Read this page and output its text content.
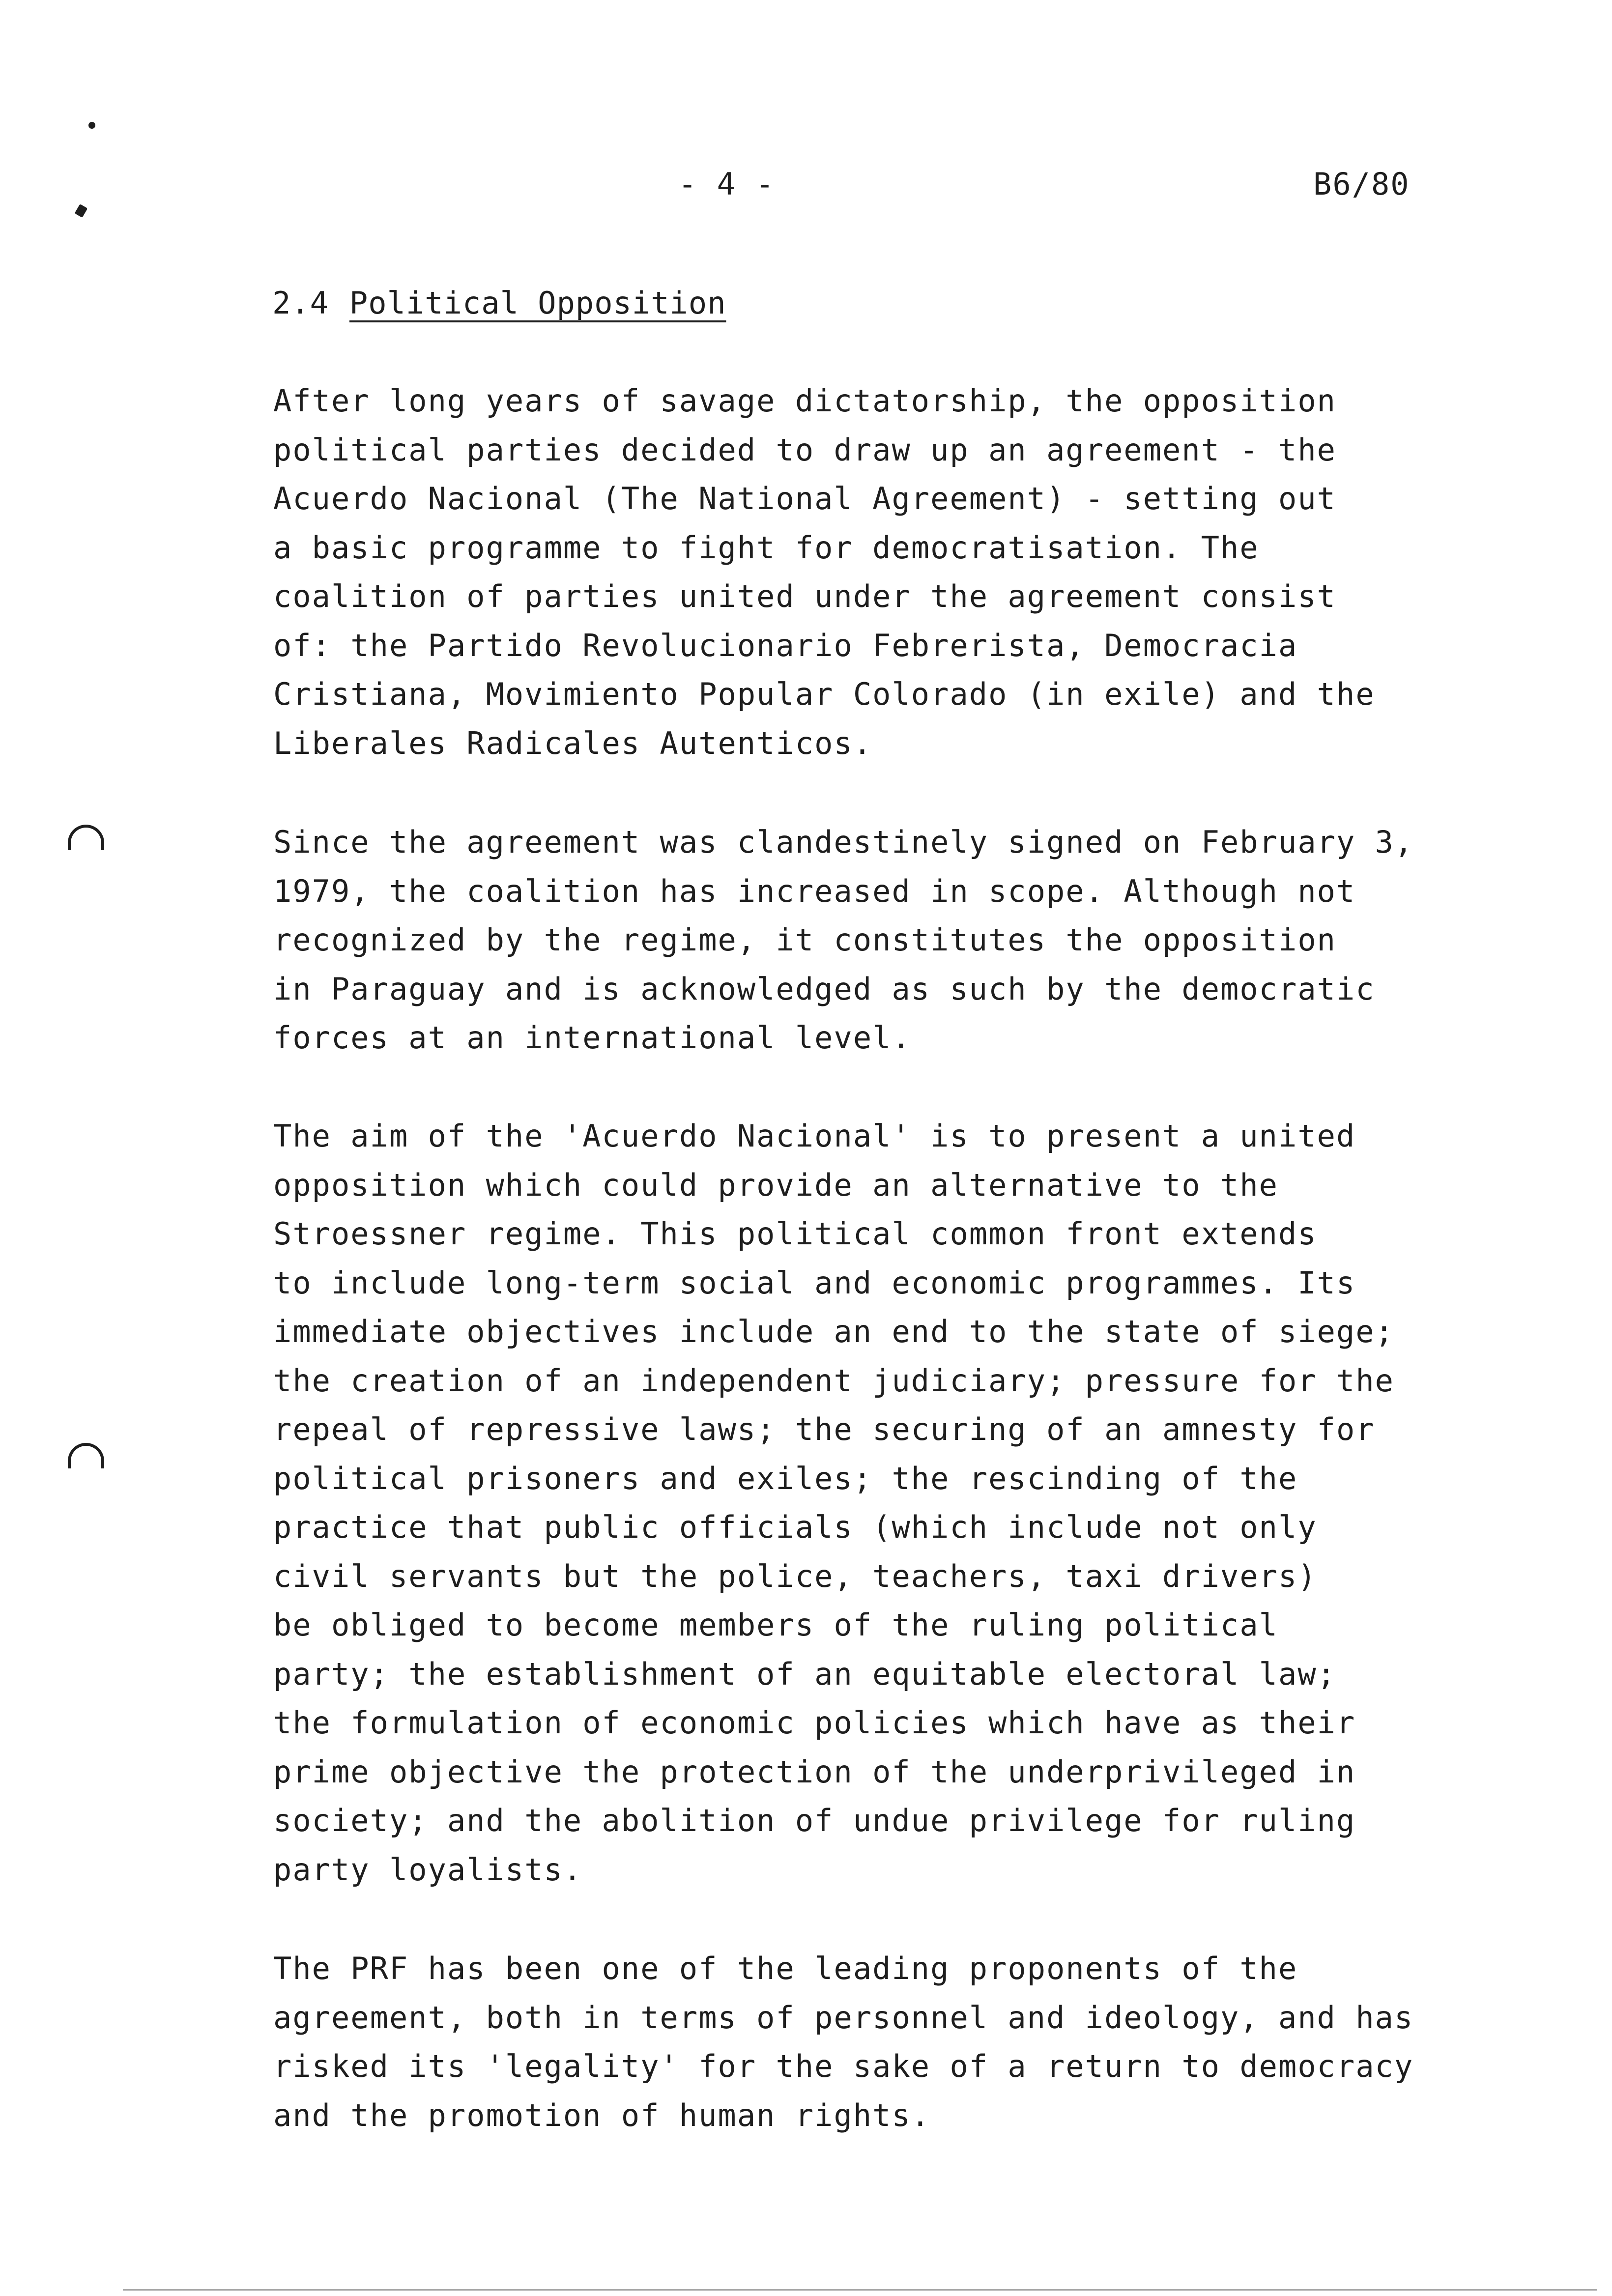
- 4 -	B6/80
2.4 Political Opposition
After long years of savage dictatorship, the opposition
political parties decided to draw up an agreement - the
Acuerdo Nacional (The National Agreement) - setting out
a basic programme to fight for democratisation. The
coalition of parties united under the agreement consist
of: the Partido Revolucionario Febrerista, Democracia
Cristiana, Movimiento Popular Colorado (in exile) and the
Liberales Radicales Autenticos.
Since the agreement was clandestinely signed on February 3,
1979, the coalition has increased in scope. Although not
recognized by the regime, it constitutes the opposition
in Paraguay and is acknowledged as such by the democratic
forces at an international level.
The aim of the 'Acuerdo Nacional' is to present a united
opposition which could provide an alternative to the
Stroessner regime. This political common front extends
to include long-term social and economic programmes. Its
immediate objectives include an end to the state of siege;
the creation of an independent judiciary; pressure for the
repeal of repressive laws; the securing of an amnesty for
political prisoners and exiles; the rescinding of the
practice that public officials (which include not only
civil servants but the police, teachers, taxi drivers)
be obliged to become members of the ruling political
party; the establishment of an equitable electoral law;
the formulation of economic policies which have as their
prime objective the protection of the underprivileged in
society; and the abolition of undue privilege for ruling
party loyalists.
The PRF has been one of the leading proponents of the
agreement, both in terms of personnel and ideology, and has
risked its 'legality' for the sake of a return to democracy
and the promotion of human rights.
